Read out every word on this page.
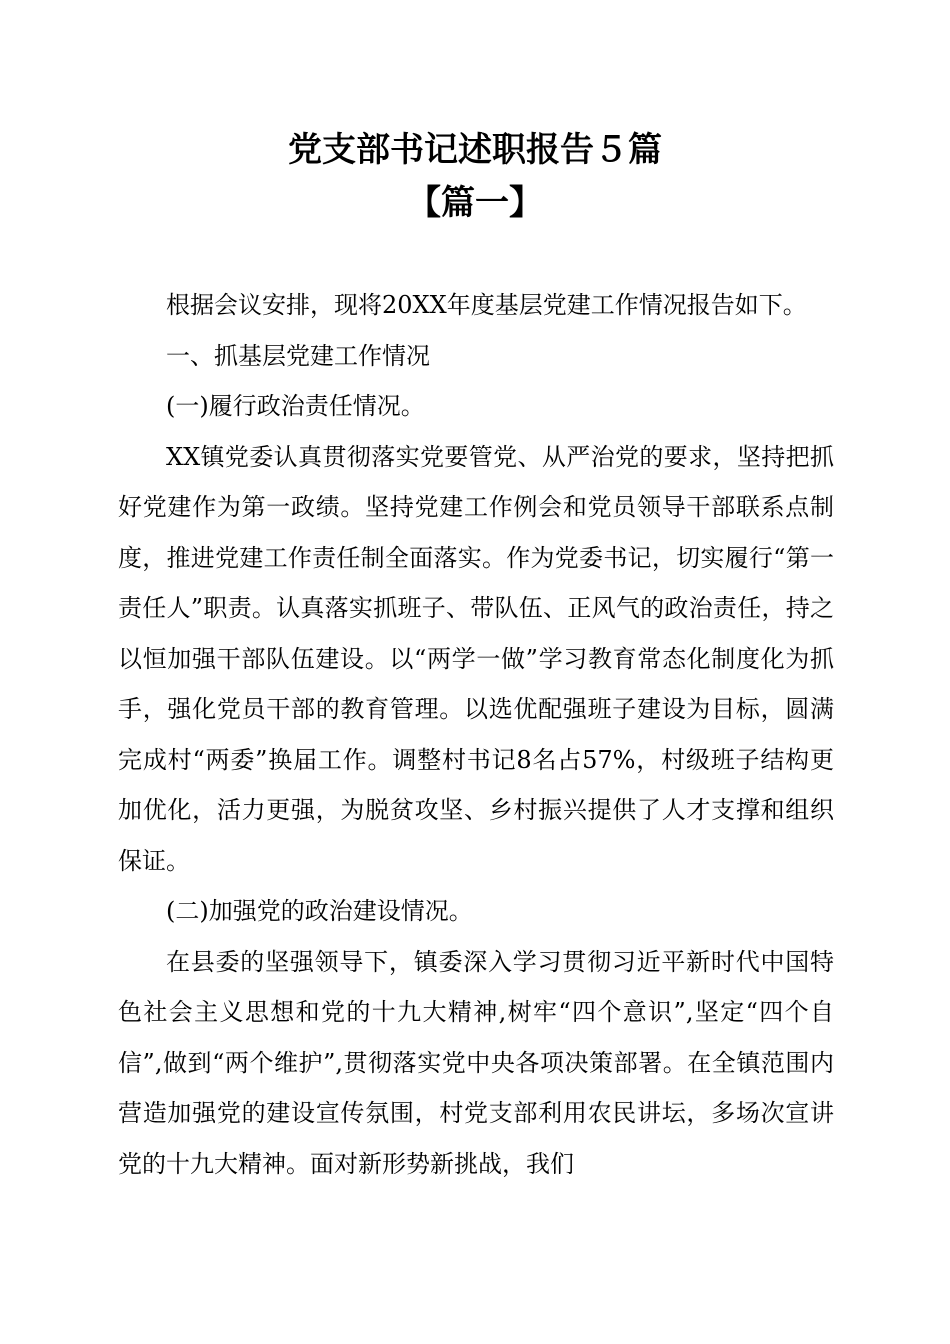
党支部书记述职报告５篇
【篇一】

根据会议安排，现将20XX年度基层党建工作情况报告如下。

一、抓基层党建工作情况

(一)履行政治责任情况。

XX镇党委认真贯彻落实党要管党、从严治党的要求，坚持把抓好党建作为第一政绩。坚持党建工作例会和党员领导干部联系点制度，推进党建工作责任制全面落实。作为党委书记，切实履行“第一责任人”职责。认真落实抓班子、带队伍、正风气的政治责任，持之以恒加强干部队伍建设。以“两学一做”学习教育常态化制度化为抓手，强化党员干部的教育管理。以选优配强班子建设为目标，圆满完成村“两委”换届工作。调整村书记8名占57%，村级班子结构更加优化，活力更强，为脱贫攻坚、乡村振兴提供了人才支撑和组织保证。

(二)加强党的政治建设情况。

在县委的坚强领导下，镇委深入学习贯彻习近平新时代中国特色社会主义思想和党的十九大精神,树牢“四个意识”,坚定“四个自信”,做到“两个维护”,贯彻落实党中央各项决策部署。在全镇范围内营造加强党的建设宣传氛围，村党支部利用农民讲坛，多场次宣讲党的十九大精神。面对新形势新挑战，我们
